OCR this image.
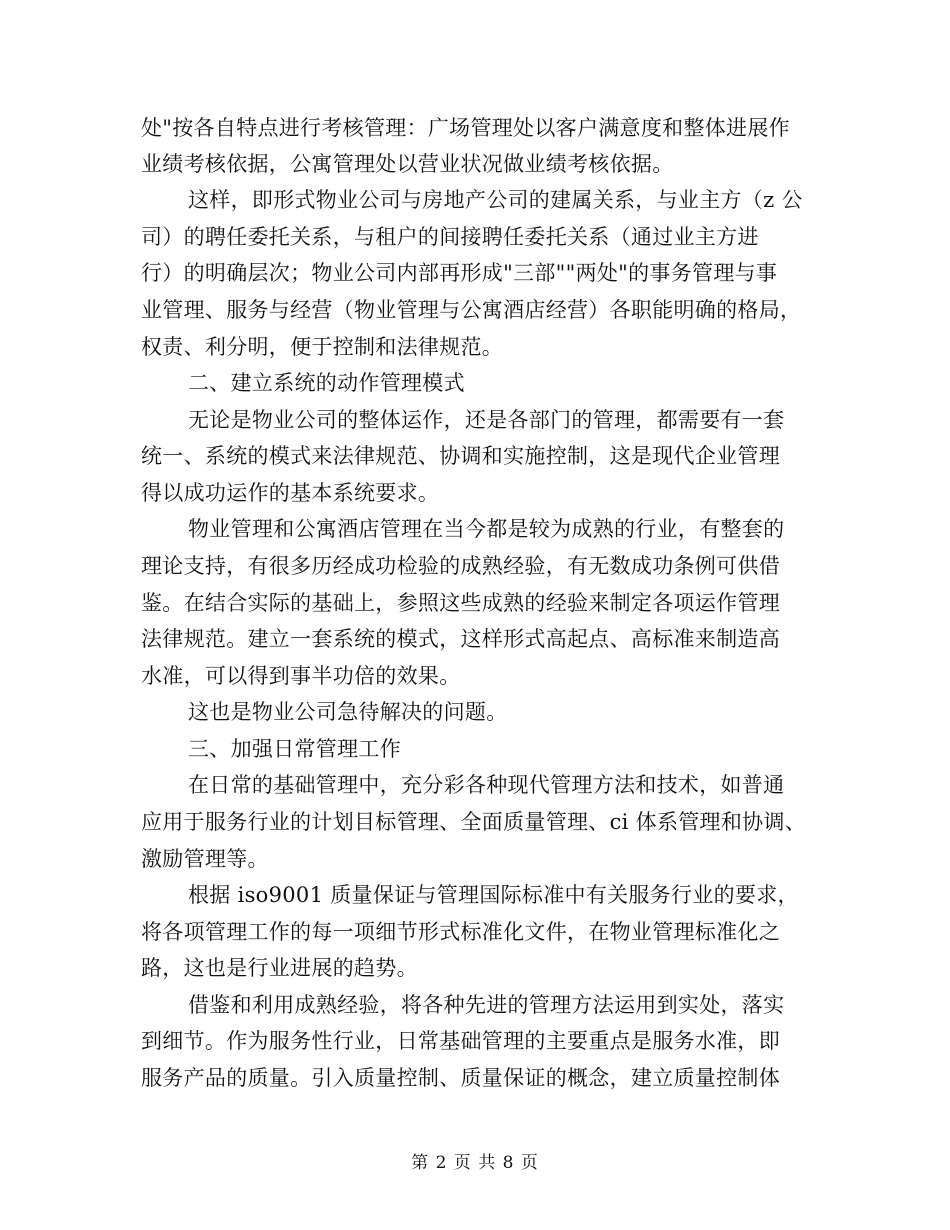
处"按各自特点进行考核管理：广场管理处以客户满意度和整体进展作
业绩考核依据，公寓管理处以营业状况做业绩考核依据。
这样，即形式物业公司与房地产公司的建属关系，与业主方（z 公
司）的聘任委托关系，与租户的间接聘任委托关系（通过业主方进
行）的明确层次；物业公司内部再形成"三部""两处"的事务管理与事
业管理、服务与经营（物业管理与公寓酒店经营）各职能明确的格局，
权责、利分明，便于控制和法律规范。
二、建立系统的动作管理模式
无论是物业公司的整体运作，还是各部门的管理，都需要有一套
统一、系统的模式来法律规范、协调和实施控制，这是现代企业管理
得以成功运作的基本系统要求。
物业管理和公寓酒店管理在当今都是较为成熟的行业，有整套的
理论支持，有很多历经成功检验的成熟经验，有无数成功条例可供借
鉴。在结合实际的基础上，参照这些成熟的经验来制定各项运作管理
法律规范。建立一套系统的模式，这样形式高起点、高标准来制造高
水准，可以得到事半功倍的效果。
这也是物业公司急待解决的问题。
三、加强日常管理工作
在日常的基础管理中，充分彩各种现代管理方法和技术，如普通
应用于服务行业的计划目标管理、全面质量管理、ci 体系管理和协调、
激励管理等。
根据 iso9001 质量保证与管理国际标准中有关服务行业的要求，
将各项管理工作的每一项细节形式标准化文件，在物业管理标准化之
路，这也是行业进展的趋势。
借鉴和利用成熟经验，将各种先进的管理方法运用到实处，落实
到细节。作为服务性行业，日常基础管理的主要重点是服务水准，即
服务产品的质量。引入质量控制、质量保证的概念，建立质量控制体
第 2 页 共 8 页
